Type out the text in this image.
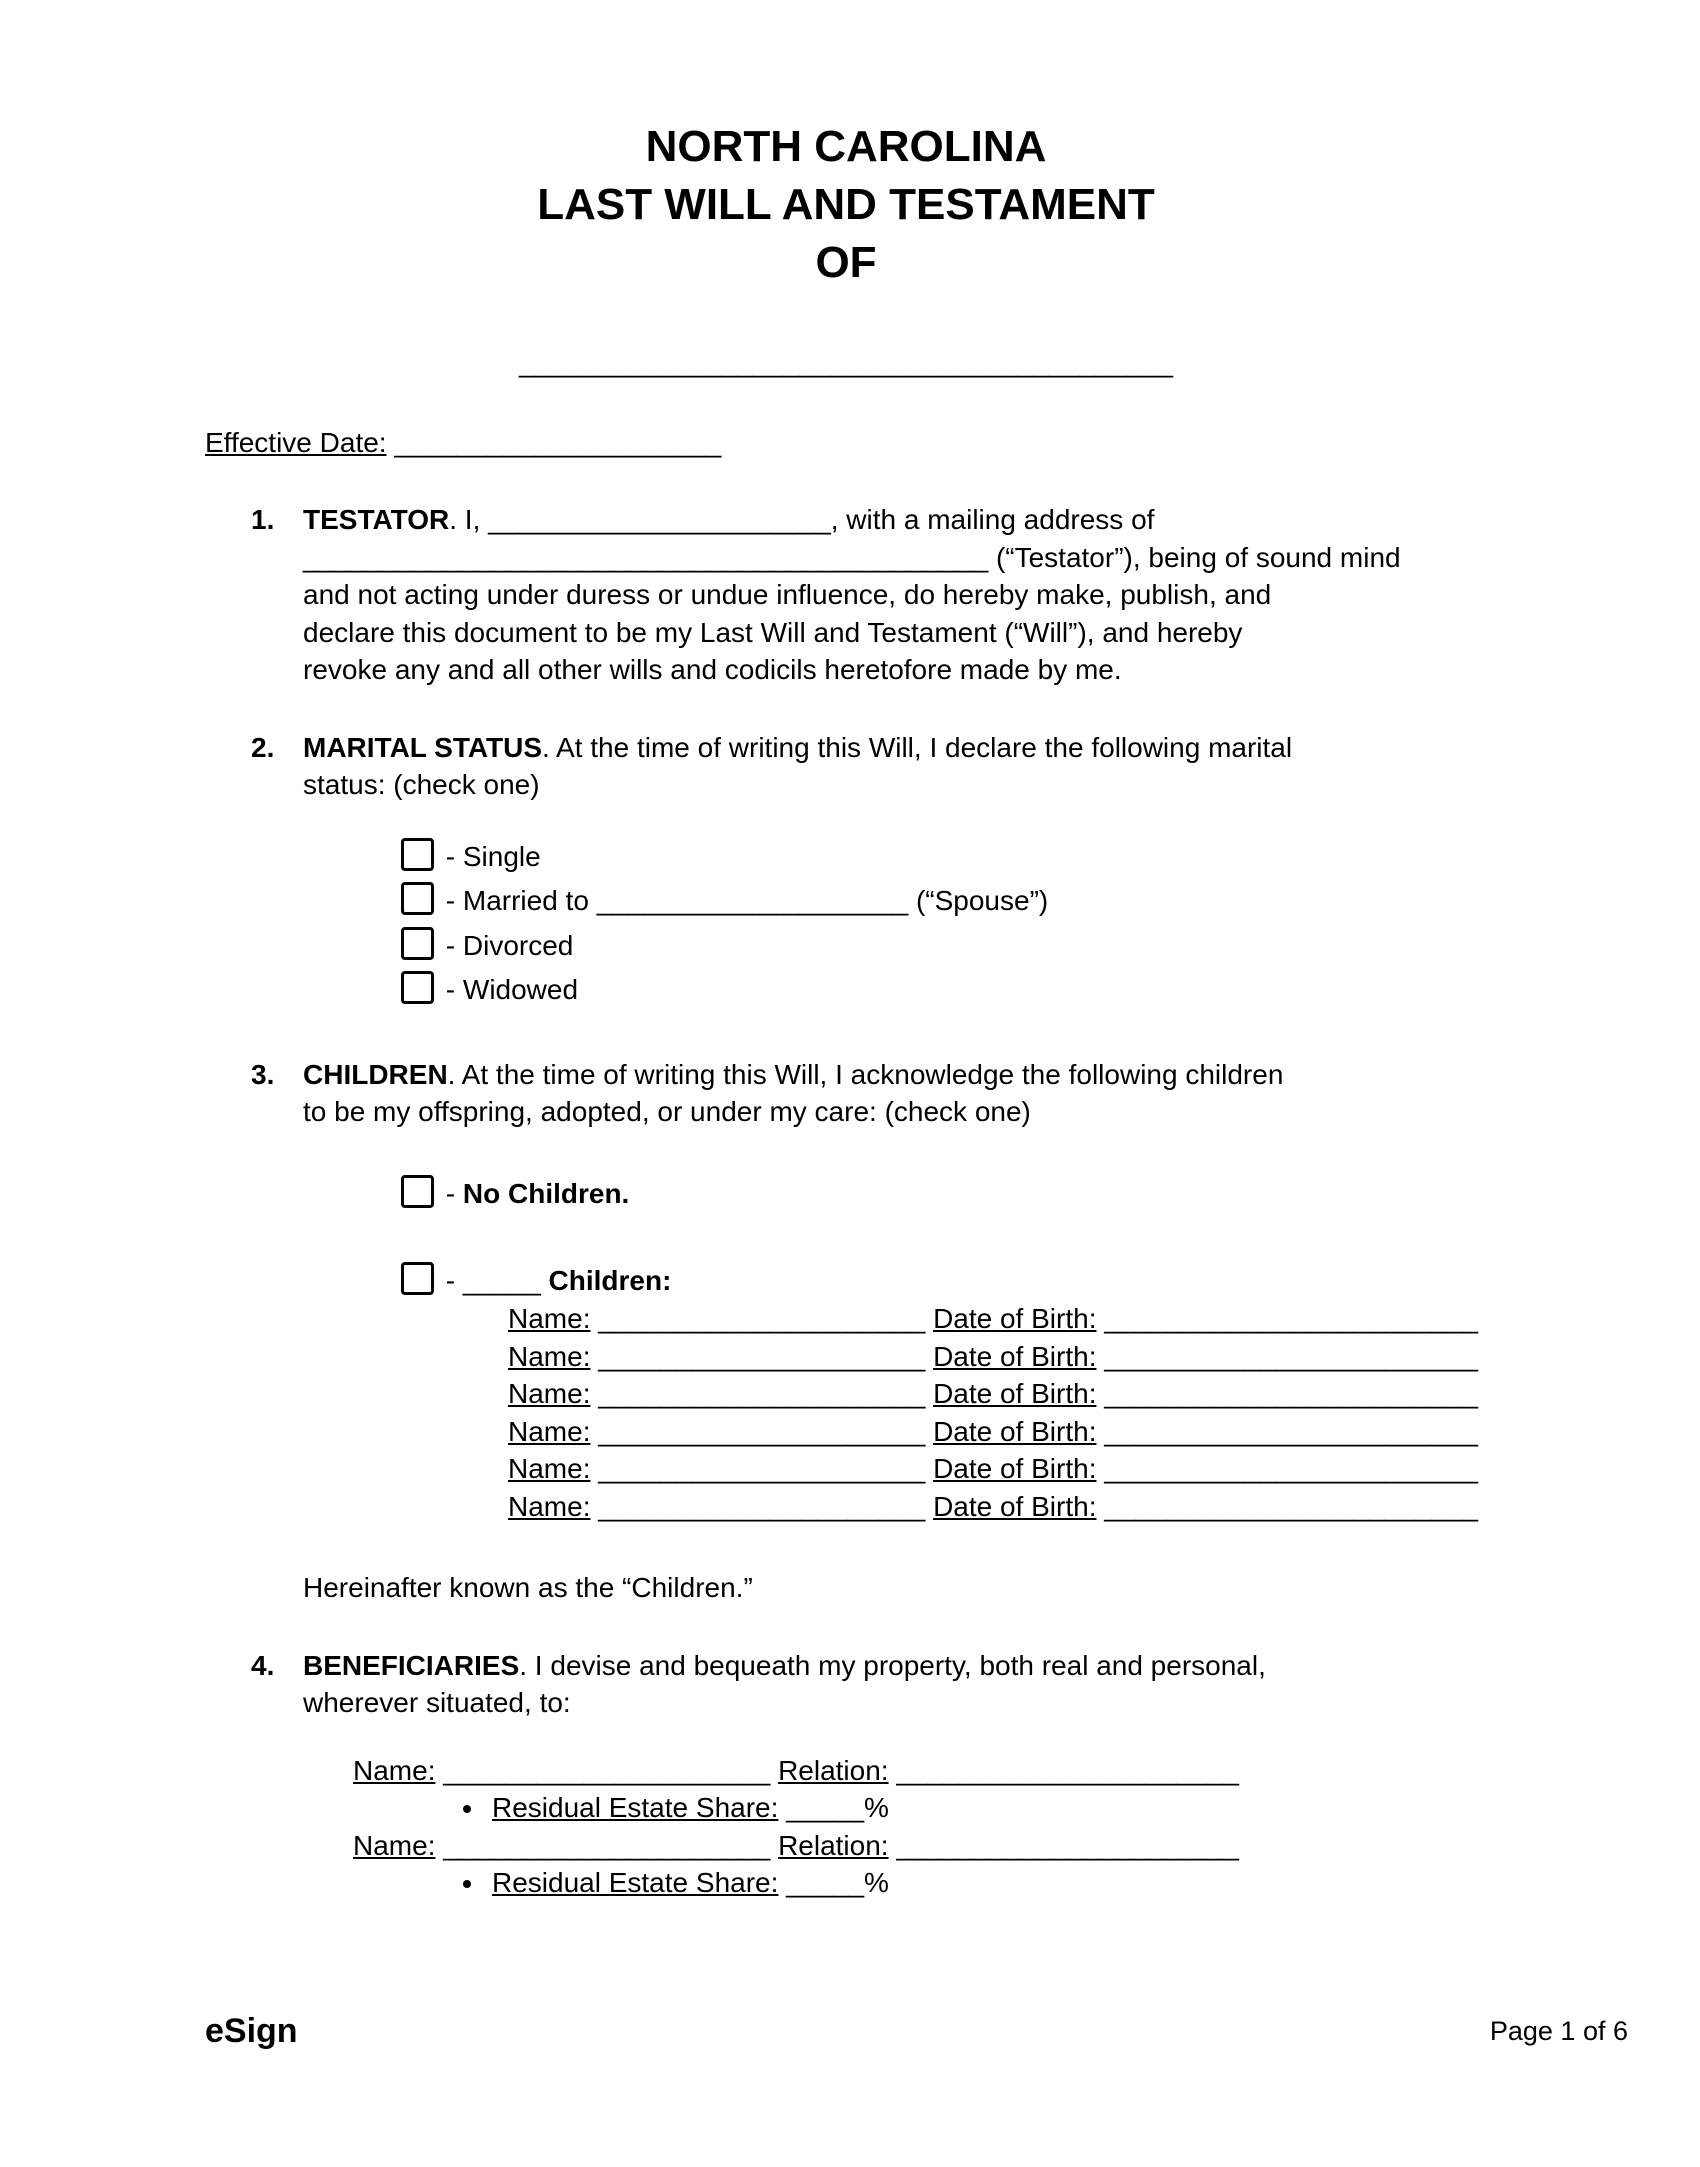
NORTH CAROLINA
LAST WILL AND TESTAMENT
OF
__________________________________________
Effective Date: _____________________
1.	TESTATOR. I, ______________________, with a mailing address of
____________________________________________ (“Testator”), being of sound mind
and not acting under duress or undue influence, do hereby make, publish, and
declare this document to be my Last Will and Testament (“Will”), and hereby
revoke any and all other wills and codicils heretofore made by me.
2.	MARITAL STATUS. At the time of writing this Will, I declare the following marital
status: (check one)
- Single
- Married to ____________________ (“Spouse”)
- Divorced
- Widowed
3.	CHILDREN. At the time of writing this Will, I acknowledge the following children
to be my offspring, adopted, or under my care: (check one)
- No Children.
- _____ Children:
Name: _____________________ Date of Birth: ________________________
Name: _____________________ Date of Birth: ________________________
Name: _____________________ Date of Birth: ________________________
Name: _____________________ Date of Birth: ________________________
Name: _____________________ Date of Birth: ________________________
Name: _____________________ Date of Birth: ________________________
Hereinafter known as the “Children.”
4.	BENEFICIARIES. I devise and bequeath my property, both real and personal,
wherever situated, to:
Name: _____________________ Relation: ______________________
• Residual Estate Share: _____%
Name: _____________________ Relation: ______________________
• Residual Estate Share: _____%
eSign	Page 1 of 6
